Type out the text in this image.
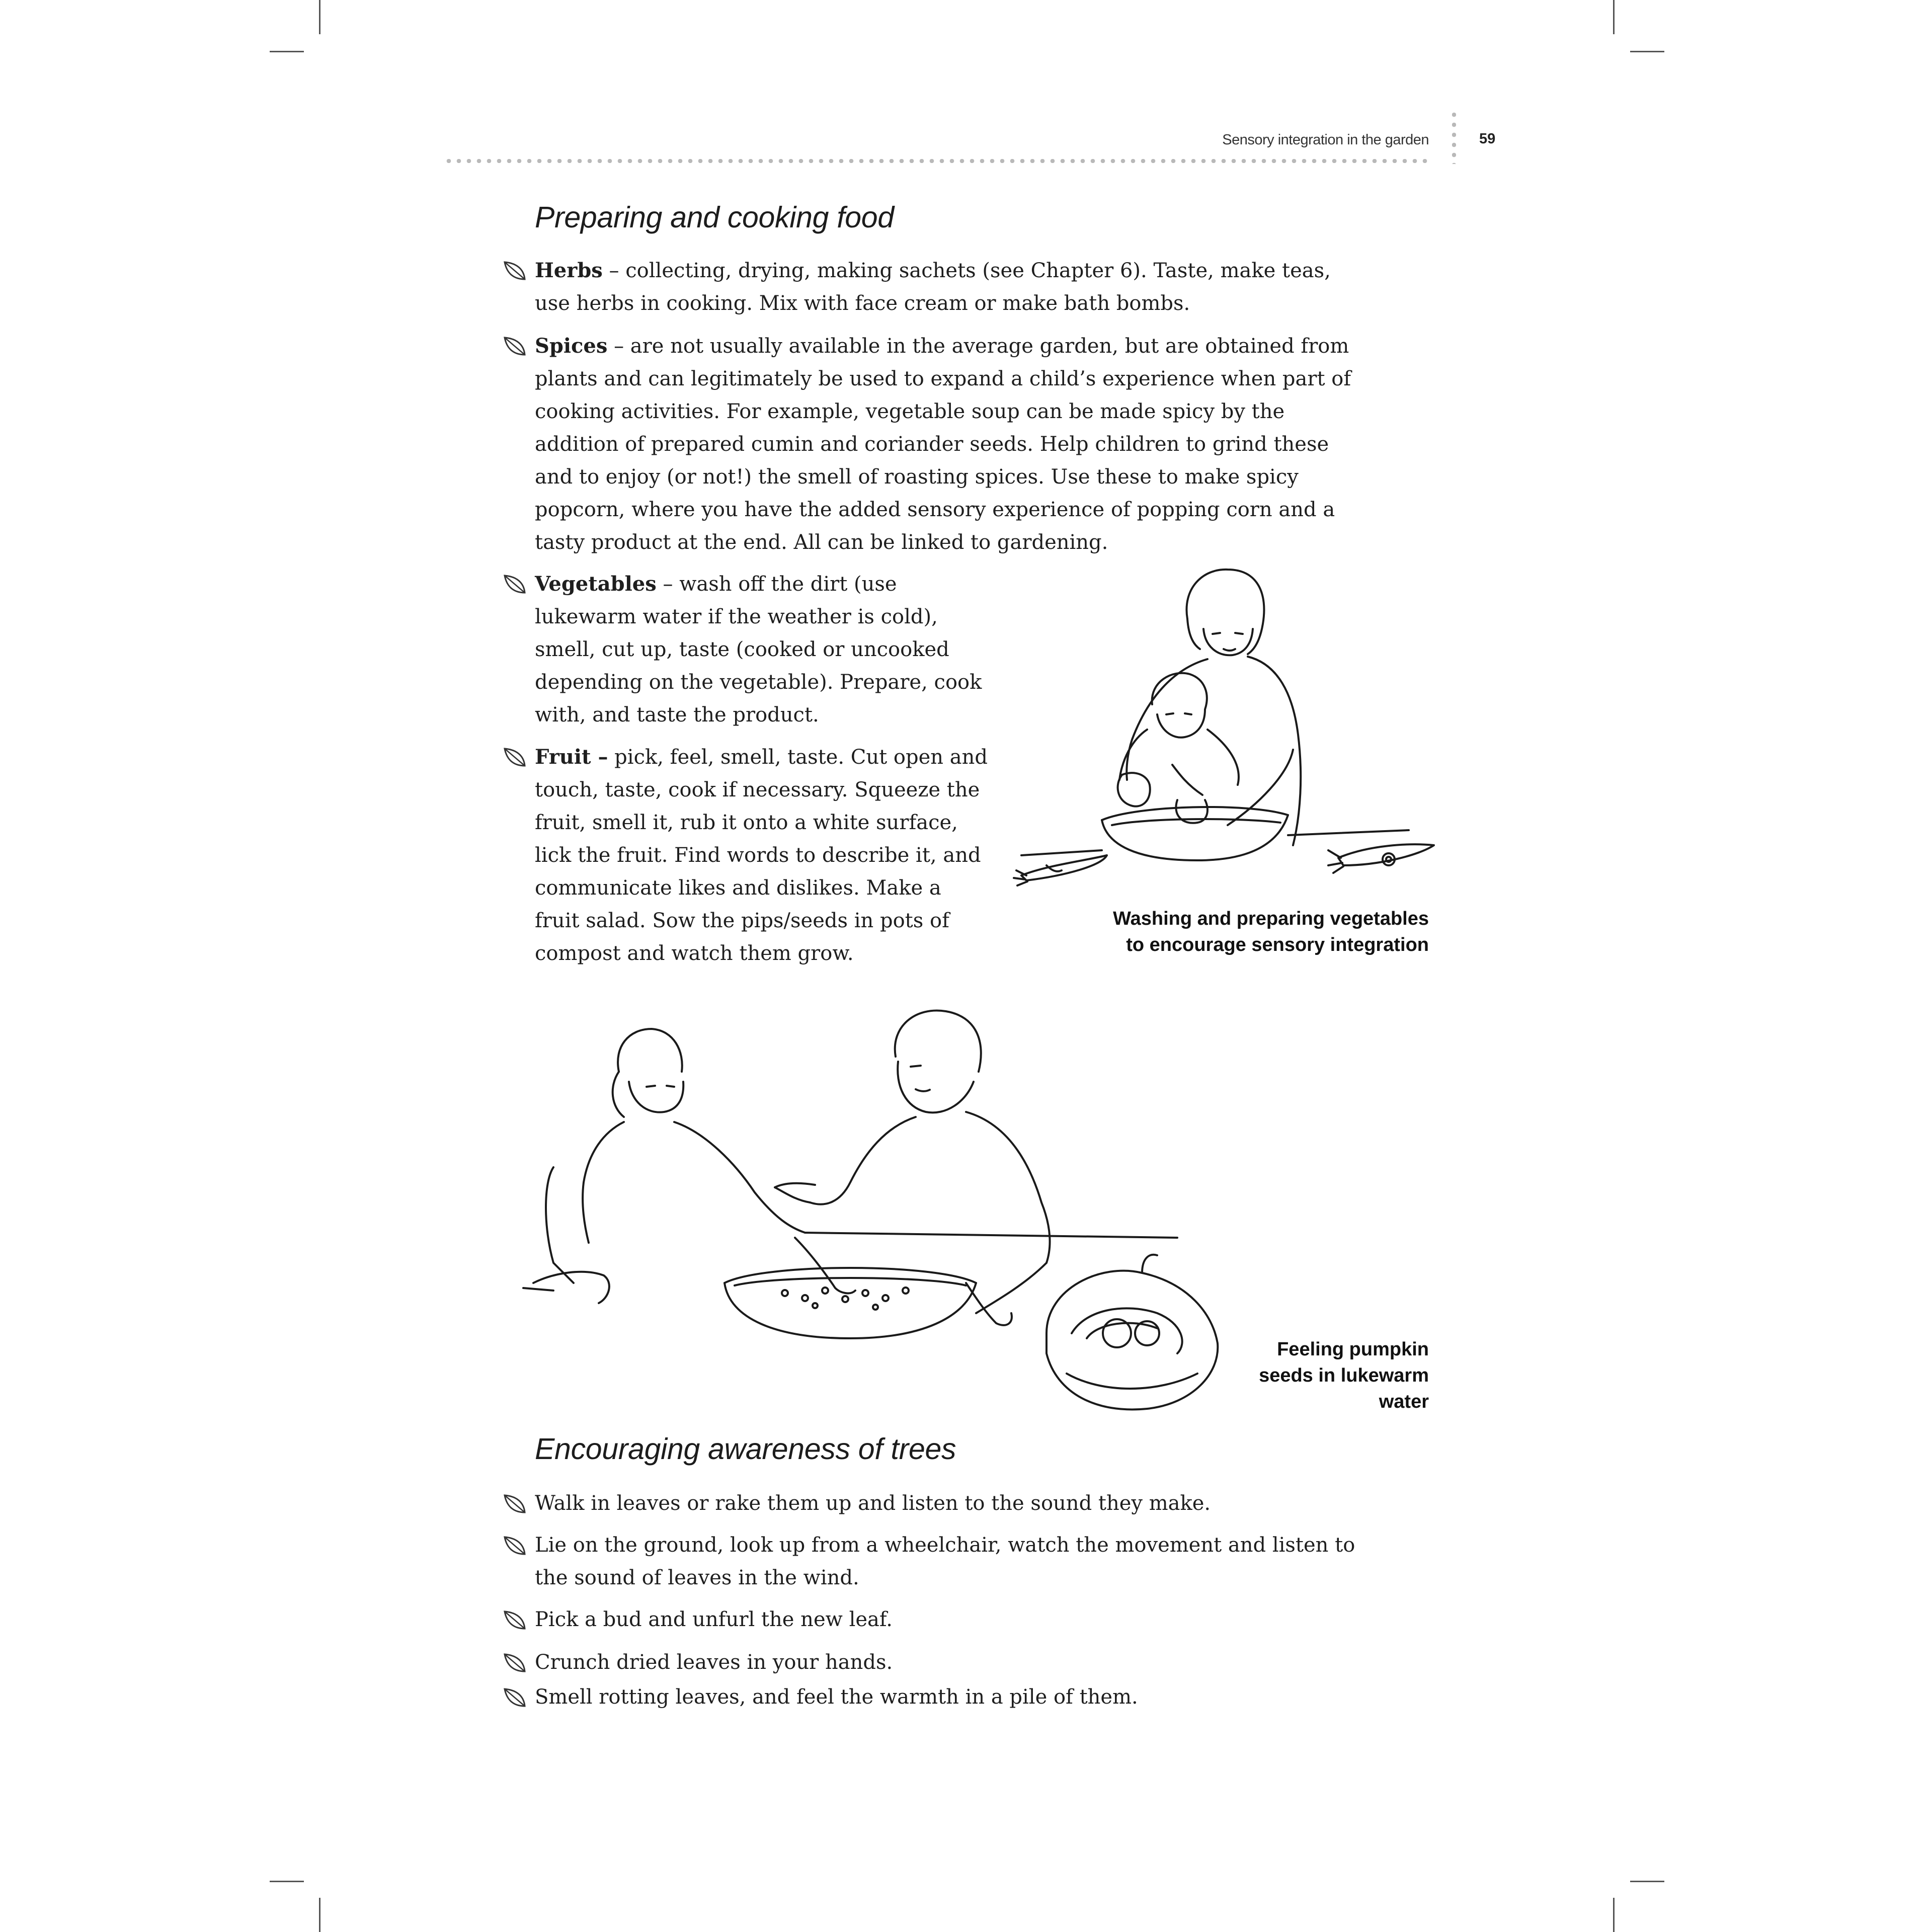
Sensory integration in the garden	59
Preparing and cooking food
Herbs – collecting, drying, making sachets (see Chapter 6). Taste, make teas, use herbs in cooking. Mix with face cream or make bath bombs.
Spices – are not usually available in the average garden, but are obtained from plants and can legitimately be used to expand a child’s experience when part of cooking activities. For example, vegetable soup can be made spicy by the addition of prepared cumin and coriander seeds. Help children to grind these and to enjoy (or not!) the smell of roasting spices. Use these to make spicy popcorn, where you have the added sensory experience of popping corn and a tasty product at the end. All can be linked to gardening.
Vegetables – wash off the dirt (use lukewarm water if the weather is cold), smell, cut up, taste (cooked or uncooked depending on the vegetable). Prepare, cook with, and taste the product.
Fruit – pick, feel, smell, taste. Cut open and touch, taste, cook if necessary. Squeeze the fruit, smell it, rub it onto a white surface, lick the fruit. Find words to describe it, and communicate likes and dislikes. Make a fruit salad. Sow the pips/seeds in pots of compost and watch them grow.
Washing and preparing vegetables
to encourage sensory integration
Feeling pumpkin
seeds in lukewarm
water
Encouraging awareness of trees
Walk in leaves or rake them up and listen to the sound they make.
Lie on the ground, look up from a wheelchair, watch the movement and listen to the sound of leaves in the wind.
Pick a bud and unfurl the new leaf.
Crunch dried leaves in your hands.
Smell rotting leaves, and feel the warmth in a pile of them.
